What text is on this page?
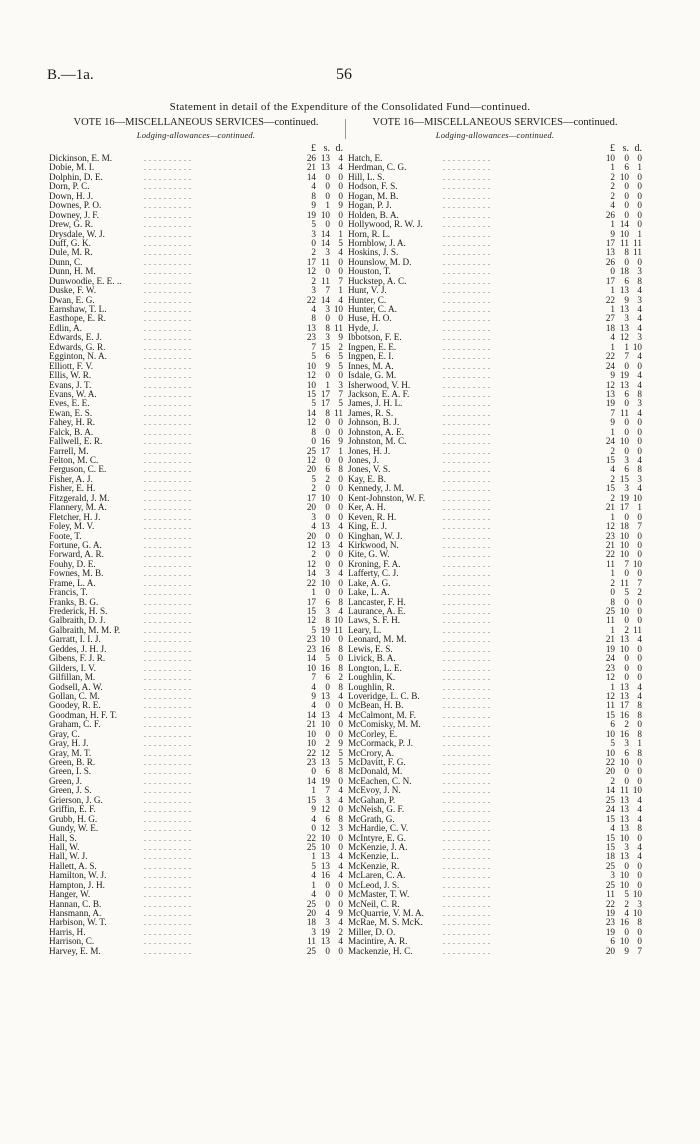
B.—1a.	56
Statement in detail of the Expenditure of the Consolidated Fund—continued.
VOTE 16—MISCELLANEOUS SERVICES—continued.
Lodging-allowances—continued.
£ s. d.
Dickinson, E. M.	. . . . . . . . . .	26 13 4
Dobie, M. I.	. . . . . . . . . .	21 13 4
Dolphin, D. E.	. . . . . . . . . .	14	0 0
Dorn, P. C.	. . . . . . . . . .	4	0 0
Down, H. J.	. . . . . . . . . .	8	0 0
Downes, P. O.	. . . . . . . . . .	9	1 9
Downey, J. F.	. . . . . . . . . .	19 10 0
Drew, G. R.	. . . . . . . . . .	5	0 0
Drysdale, W. J.	. . . . . . . . . .	3 14 1
Duff, G. K.	. . . . . . . . . .	0 14 5
Dule, M. R.	. . . . . . . . . .	2	3 4
Dunn, C.	. . . . . . . . . .	17 11 0
Dunn, H. M.	. . . . . . . . . .	12	0 0
Dunwoodie, E. E. ..	. . . . . . . . . .	2 11 7
Duske, F. W.	. . . . . . . . . .	3	7 1
Dwan, E. G.	. . . . . . . . . .	22 14 4
Earnshaw, T. L.	. . . . . . . . . .	4	3 10
Easthope, E. R.	. . . . . . . . . .	8	0 0
Edlin, A.	. . . . . . . . . .	13	8 11
Edwards, E. J.	. . . . . . . . . .	23	3 9
Edwards, G. R.	. . . . . . . . . .	7 15 2
Egginton, N. A.	. . . . . . . . . .	5	6 5
Elliott, F. V.	. . . . . . . . . .	10	9 5
Ellis, W. R.	. . . . . . . . . .	12	0 0
Evans, J. T.	. . . . . . . . . .	10	1 3
Evans, W. A.	. . . . . . . . . .	15 17 7
Eves, E. E.	. . . . . . . . . .	5 17 5
Ewan, E. S.	. . . . . . . . . .	14	8 11
Fahey, H. R.	. . . . . . . . . .	12	0 0
Falck, B. A.	. . . . . . . . . .	8	0 0
Fallwell, E. R.	. . . . . . . . . .	0 16 9
Farrell, M.	. . . . . . . . . .	25 17 1
Felton, M. C.	. . . . . . . . . .	12	0 0
Ferguson, C. E.	. . . . . . . . . .	20	6 8
Fisher, A. J.	. . . . . . . . . .	5	2 0
Fisher, E. H.	. . . . . . . . . .	2	0 0
Fitzgerald, J. M.	. . . . . . . . . .	17 10 0
Flannery, M. A.	. . . . . . . . . .	20	0 0
Fletcher, H. J.	. . . . . . . . . .	3	0 0
Foley, M. V.	. . . . . . . . . .	4 13 4
Foote, T.	. . . . . . . . . .	20	0 0
Fortune, G. A.	. . . . . . . . . .	12 13 4
Forward, A. R.	. . . . . . . . . .	2	0 0
Fouhy, D. E.	. . . . . . . . . .	12	0 0
Fownes, M. B.	. . . . . . . . . .	14	3 4
Frame, L. A.	. . . . . . . . . .	22 10 0
Francis, T.	. . . . . . . . . .	1	0 0
Franks, B. G.	. . . . . . . . . .	17	6 8
Frederick, H. S.	. . . . . . . . . .	15	3 4
Galbraith, D. J.	. . . . . . . . . .	12	8 10
Galbraith, M. M. P.	. . . . . . . . . .	5 19 11
Garratt, I. I. J.	. . . . . . . . . .	23 10 0
Geddes, J. H. J.	. . . . . . . . . .	23 16 8
Gibens, F. J. R.	. . . . . . . . . .	14	5 0
Gilders, I. V.	. . . . . . . . . .	10 16 8
Gilfillan, M.	. . . . . . . . . .	7	6 2
Godsell, A. W.	. . . . . . . . . .	4	0 8
Gollan, C. M.	. . . . . . . . . .	9 13 4
Goodey, R. E.	. . . . . . . . . .	4	0 0
Goodman, H. F. T.	. . . . . . . . . .	14 13 4
Graham, C. F.	. . . . . . . . . .	21 10 0
Gray, C.	. . . . . . . . . .	10	0 0
Gray, H. J.	. . . . . . . . . .	10	2 9
Gray, M. T.	. . . . . . . . . .	22 12 5
Green, B. R.	. . . . . . . . . .	23 13 5
Green, I. S.	. . . . . . . . . .	0	6 8
Green, J.	. . . . . . . . . .	14 19 0
Green, J. S.	. . . . . . . . . .	1	7 4
Grierson, J. G.	. . . . . . . . . .	15	3 4
Griffin, E. F.	. . . . . . . . . .	9 12 0
Grubb, H. G.	. . . . . . . . . .	4	6 8
Gundy, W. E.	. . . . . . . . . .	0 12 3
Hall, S.	. . . . . . . . . .	22 10 0
Hall, W.	. . . . . . . . . .	25 10 0
Hall, W. J.	. . . . . . . . . .	1 13 4
Hallett, A. S.	. . . . . . . . . .	5 13 4
Hamilton, W. J.	. . . . . . . . . .	4 16 4
Hampton, J. H.	. . . . . . . . . .	1	0 0
Hanger, W.	. . . . . . . . . .	4	0 0
Hannan, C. B.	. . . . . . . . . .	25	0 0
Hansmann, A.	. . . . . . . . . .	20	4 9
Harbison, W. T.	. . . . . . . . . .	18	3 4
Harris, H.	. . . . . . . . . .	3 19 2
Harrison, C.	. . . . . . . . . .	11 13 4
Harvey, E. M.	. . . . . . . . . .	25	0 0
VOTE 16—MISCELLANEOUS SERVICES—continued.
Lodging-allowances—continued.
£ s. d.
Hatch, E.	. . . . . . . . . .	10	0 0
Herdman, C. G.	. . . . . . . . . .	1	6 1
Hill, L. S.	. . . . . . . . . .	2 10 0
Hodson, F. S.	. . . . . . . . . .	2	0 0
Hogan, M. B.	. . . . . . . . . .	2	0 0
Hogan, P. J.	. . . . . . . . . .	4	0 0
Holden, B. A.	. . . . . . . . . .	26	0 0
Hollywood, R. W. J.	. . . . . . . . . .	1 14 0
Horn, R. L.	. . . . . . . . . .	9 10 1
Hornblow, J. A.	. . . . . . . . . .	17 11 11
Hoskins, J. S.	. . . . . . . . . .	13	8 11
Hounslow, M. D.	. . . . . . . . . .	26	0 0
Houston, T.	. . . . . . . . . .	0 18 3
Huckstep, A. C.	. . . . . . . . . .	17	6 8
Hunt, V. J.	. . . . . . . . . .	1 13 4
Hunter, C.	. . . . . . . . . .	22	9 3
Hunter, C. A.	. . . . . . . . . .	1 13 4
Huse, H. O.	. . . . . . . . . .	27	3 4
Hyde, J.	. . . . . . . . . .	18 13 4
Ibbotson, F. E.	. . . . . . . . . .	4 12 3
Ingpen, E. E.	. . . . . . . . . .	1	1 10
Ingpen, E. I.	. . . . . . . . . .	22	7 4
Innes, M. A.	. . . . . . . . . .	24	0 0
Isdale, G. M.	. . . . . . . . . .	9 19 4
Isherwood, V. H.	. . . . . . . . . .	12 13 4
Jackson, E. A. F.	. . . . . . . . . .	13	6 8
James, J. H. L.	. . . . . . . . . .	19	0 3
James, R. S.	. . . . . . . . . .	7 11 4
Johnson, B. J.	. . . . . . . . . .	9	0 0
Johnston, A. E.	. . . . . . . . . .	1	0 0
Johnston, M. C.	. . . . . . . . . .	24 10 0
Jones, H. J.	. . . . . . . . . .	2	0 0
Jones, J.	. . . . . . . . . .	15	3 4
Jones, V. S.	. . . . . . . . . .	4	6 8
Kay, E. B.	. . . . . . . . . .	2 15 3
Kennedy, J. M.	. . . . . . . . . .	15	3 4
Kent-Johnston, W. F.	. . . . . . . . . .	2 19 10
Ker, A. H.	. . . . . . . . . .	21 17 1
Keven, R. H.	. . . . . . . . . .	1	0 0
King, E. J.	. . . . . . . . . .	12 18 7
Kinghan, W. J.	. . . . . . . . . .	23 10 0
Kirkwood, N.	. . . . . . . . . .	21 10 0
Kite, G. W.	. . . . . . . . . .	22 10 0
Kroning, F. A.	. . . . . . . . . .	11	7 10
Lafferty, C. J.	. . . . . . . . . .	1	0 0
Lake, A. G.	. . . . . . . . . .	2 11 7
Lake, L. A.	. . . . . . . . . .	0	5 2
Lancaster, F. H.	. . . . . . . . . .	8	0 0
Laurance, A. E.	. . . . . . . . . .	25 10 0
Laws, S. F. H.	. . . . . . . . . .	11	0 0
Leary, L.	. . . . . . . . . .	1	2 11
Leonard, M. M.	. . . . . . . . . .	21 13 4
Lewis, E. S.	. . . . . . . . . .	19 10 0
Livick, B. A.	. . . . . . . . . .	24	0 0
Longton, L. E.	. . . . . . . . . .	23	0 0
Loughlin, K.	. . . . . . . . . .	12	0 0
Loughlin, R.	. . . . . . . . . .	1 13 4
Loveridge, L. C. B.	. . . . . . . . . .	12 13 4
McBean, H. B.	. . . . . . . . . .	11 17 8
McCalmont, M. F.	. . . . . . . . . .	15 16 8
McComisky, M. M.	. . . . . . . . . .	6	2 0
McCorley, E.	. . . . . . . . . .	10 16 8
McCormack, P. J.	. . . . . . . . . .	5	3 1
McCrory, A.	. . . . . . . . . .	10	6 8
McDavitt, F. G.	. . . . . . . . . .	22 10 0
McDonald, M.	. . . . . . . . . .	20	0 0
McEachen, C. N.	. . . . . . . . . .	2	0 0
McEvoy, J. N.	. . . . . . . . . .	14 11 10
McGahan, P.	. . . . . . . . . .	25 13 4
McNeish, G. F.	. . . . . . . . . .	24 13 4
McGrath, G.	. . . . . . . . . .	15 13 4
McHardie, C. V.	. . . . . . . . . .	4 13 8
McIntyre, E. G.	. . . . . . . . . .	15 10 0
McKenzie, J. A.	. . . . . . . . . .	15	3 4
McKenzie, L.	. . . . . . . . . .	18 13 4
McKenzie, R.	. . . . . . . . . .	25	0 0
McLaren, C. A.	. . . . . . . . . .	3 10 0
McLeod, J. S.	. . . . . . . . . .	25 10 0
McMaster, T. W.	. . . . . . . . . .	11	5 10
McNeil, C. R.	. . . . . . . . . .	22	2 3
McQuarrie, V. M. A.	. . . . . . . . . .	19	4 10
McRae, M. S. McK.	. . . . . . . . . .	23 16 8
Miller, D. O.	. . . . . . . . . .	19	0 0
Macintire, A. R.	. . . . . . . . . .	6 10 0
Mackenzie, H. C.	. . . . . . . . . .	20	9 7
